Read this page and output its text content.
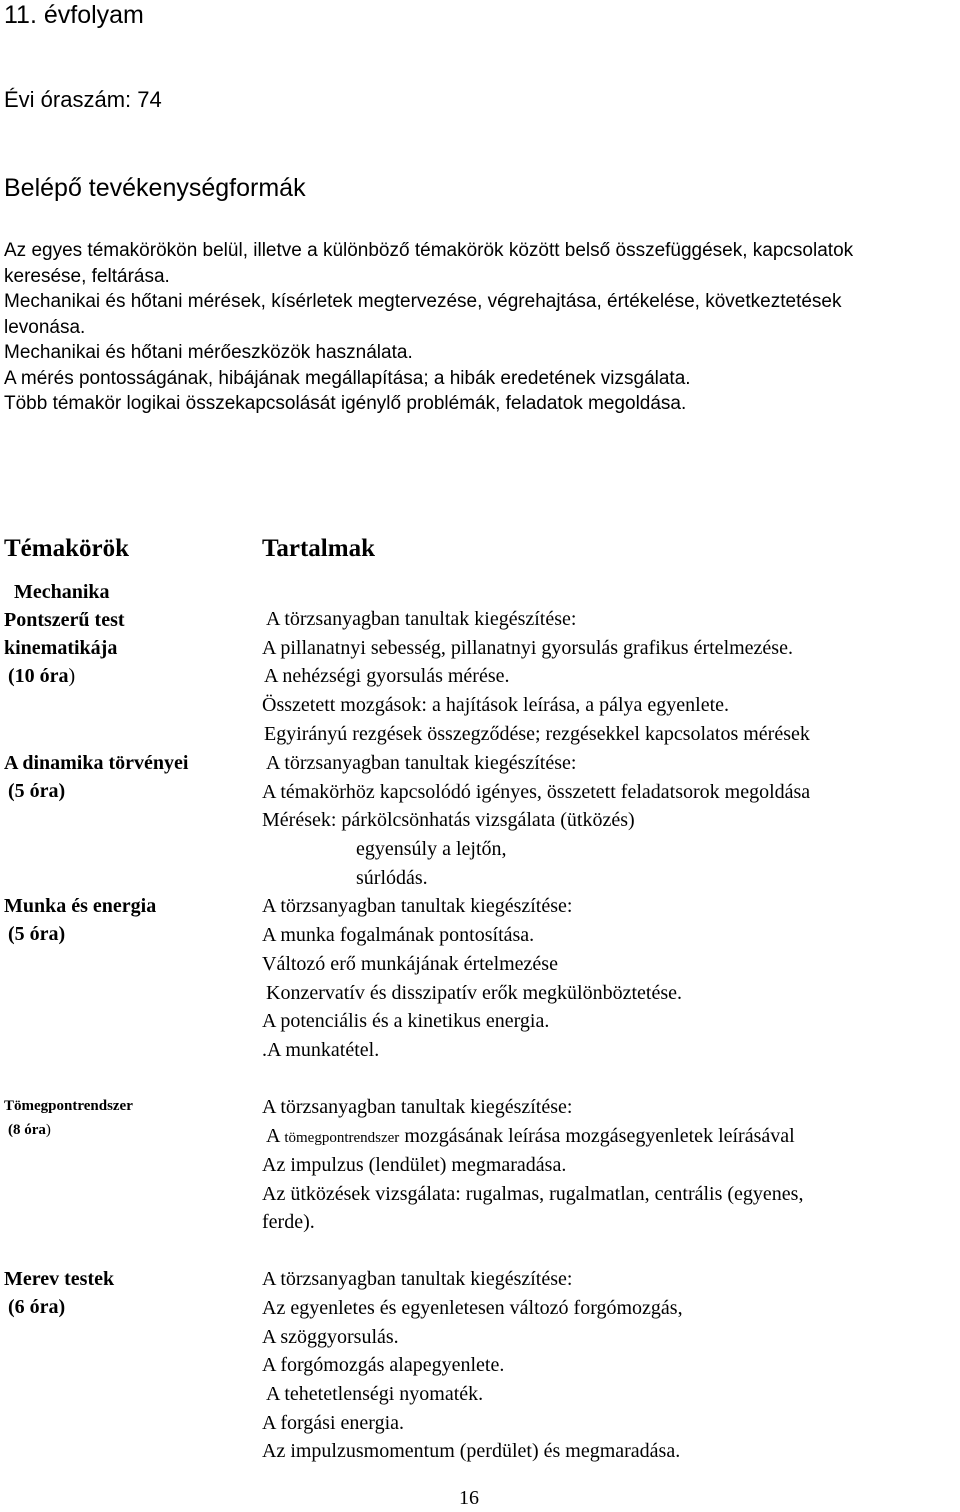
11. évfolyam
Évi óraszám: 74
Belépő tevékenységformák
Az egyes témakörökön belül, illetve a különböző témakörök között belső összefüggések, kapcsolatok
keresése, feltárása.
Mechanikai és hőtani mérések, kísérletek megtervezése, végrehajtása, értékelése, következtetések
levonása.
Mechanikai és hőtani mérőeszközök használata.
A mérés pontosságának, hibájának megállapítása; a hibák eredetének vizsgálata.
Több témakör logikai összekapcsolását igénylő problémák, feladatok megoldása.
Témakörök	Tartalmak
Mechanika
Pontszerű test
kinematikája
(10 óra)
A dinamika törvényei
(5 óra)
Munka és energia
(5 óra)
Tömegpontrendszer
(8 óra)
Merev testek
(6 óra)
A törzsanyagban tanultak kiegészítése:
A pillanatnyi sebesség, pillanatnyi gyorsulás grafikus értelmezése.
A nehézségi gyorsulás mérése.
Összetett mozgások: a hajítások leírása, a pálya egyenlete.
Egyirányú rezgések összegződése; rezgésekkel kapcsolatos mérések
A törzsanyagban tanultak kiegészítése:
A témakörhöz kapcsolódó igényes, összetett feladatsorok megoldása
Mérések: párkölcsönhatás vizsgálata (ütközés)
egyensúly a lejtőn,
súrlódás.
A törzsanyagban tanultak kiegészítése:
A munka fogalmának pontosítása.
Változó erő munkájának értelmezése
Konzervatív és disszipatív erők megkülönböztetése.
A potenciális és a kinetikus energia.
.A munkatétel.
A törzsanyagban tanultak kiegészítése:
A tömegpontrendszer mozgásának leírása mozgásegyenletek leírásával
Az impulzus (lendület) megmaradása.
Az ütközések vizsgálata: rugalmas, rugalmatlan, centrális (egyenes,
ferde).
A törzsanyagban tanultak kiegészítése:
Az egyenletes és egyenletesen változó forgómozgás,
A szöggyorsulás.
A forgómozgás alapegyenlete.
A tehetetlenségi nyomaték.
A forgási energia.
Az impulzusmomentum (perdület) és megmaradása.
16
